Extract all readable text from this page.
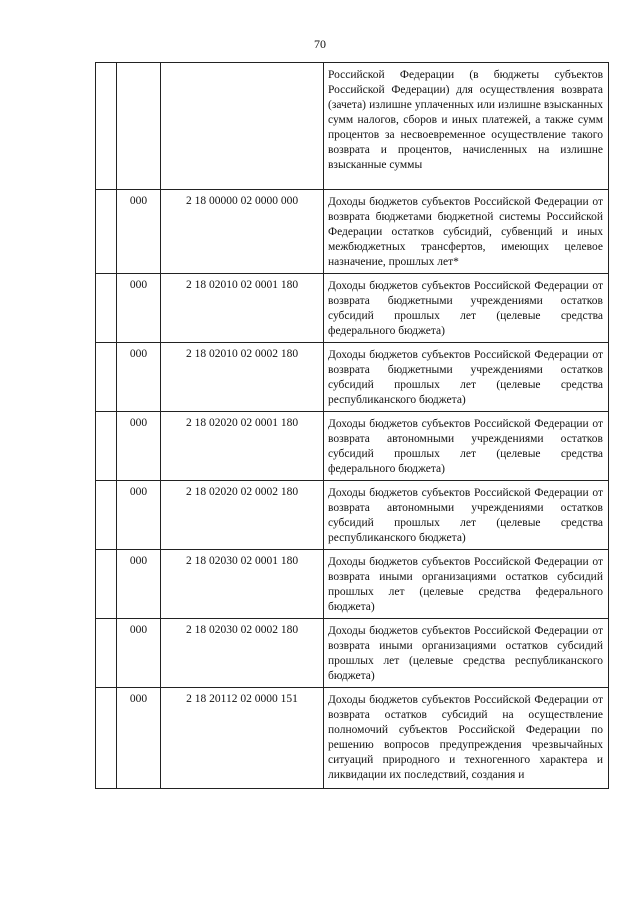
70

			Российской Федерации (в бюджеты субъектов Российской Федерации) для осуществления возврата (зачета) излишне уплаченных или излишне взысканных сумм налогов, сборов и иных платежей, а также сумм процентов за несвоевременное осуществление такого возврата и процентов, начисленных на излишне взысканные суммы

	000	2 18 00000 02 0000 000	Доходы бюджетов субъектов Российской Федерации от возврата бюджетами бюджетной системы Российской Федерации остатков субсидий, субвенций и иных межбюджетных трансфертов, имеющих целевое назначение, прошлых лет*

	000	2 18 02010 02 0001 180	Доходы бюджетов субъектов Российской Федерации от возврата бюджетными учреждениями остатков субсидий прошлых лет (целевые средства федерального бюджета)

	000	2 18 02010 02 0002 180	Доходы бюджетов субъектов Российской Федерации от возврата бюджетными учреждениями остатков субсидий прошлых лет (целевые средства республиканского бюджета)

	000	2 18 02020 02 0001 180	Доходы бюджетов субъектов Российской Федерации от возврата автономными учреждениями остатков субсидий прошлых лет (целевые средства федерального бюджета)

	000	2 18 02020 02 0002 180	Доходы бюджетов субъектов Российской Федерации от возврата автономными учреждениями остатков субсидий прошлых лет (целевые средства республиканского бюджета)

	000	2 18 02030 02 0001 180	Доходы бюджетов субъектов Российской Федерации от возврата иными организациями остатков субсидий прошлых лет (целевые средства федерального бюджета)

	000	2 18 02030 02 0002 180	Доходы бюджетов субъектов Российской Федерации от возврата иными организациями остатков субсидий прошлых лет (целевые средства республиканского бюджета)

	000	2 18 20112 02 0000 151	Доходы бюджетов субъектов Российской Федерации от возврата остатков субсидий на осуществление полномочий субъектов Российской Федерации по решению вопросов предупреждения чрезвычайных ситуаций природного и техногенного характера и ликвидации их последствий, создания и
